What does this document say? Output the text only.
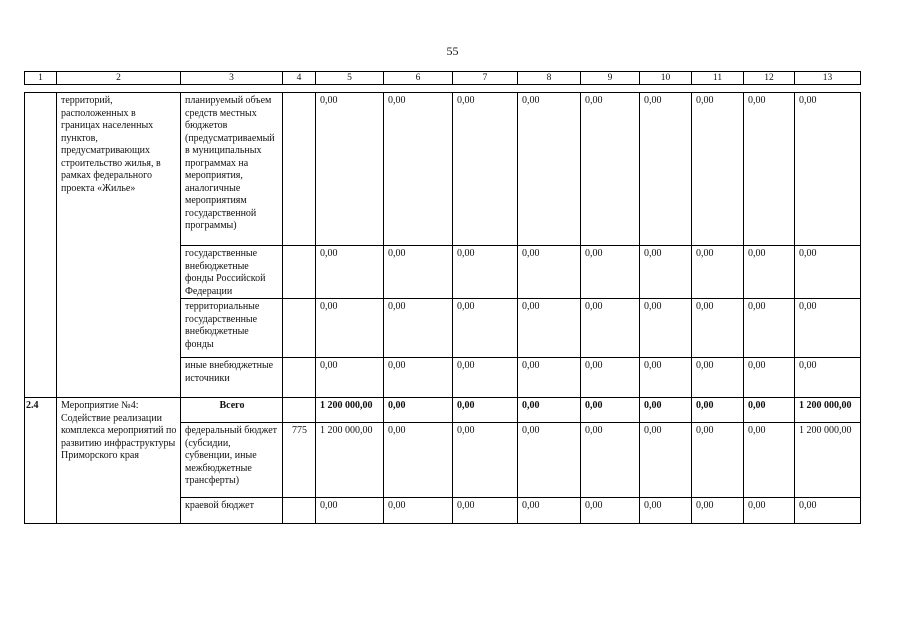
55
1	2	3	4	5	6	7	8	9	10	11	12	13
	территорий, расположенных в границах населенных пунктов, предусматривающих строительство жилья, в рамках федерального проекта «Жилье»	планируемый объем средств местных бюджетов (предусматриваемый в муниципальных программах на мероприятия, аналогичные мероприятиям государственной программы)		0,00	0,00	0,00	0,00	0,00	0,00	0,00	0,00	0,00
		государственные внебюджетные фонды Российской Федерации		0,00	0,00	0,00	0,00	0,00	0,00	0,00	0,00	0,00
		территориальные государственные внебюджетные фонды		0,00	0,00	0,00	0,00	0,00	0,00	0,00	0,00	0,00
		иные внебюджетные источники		0,00	0,00	0,00	0,00	0,00	0,00	0,00	0,00	0,00
2.4	Мероприятие №4: Содействие реализации комплекса мероприятий по развитию инфраструктуры Приморского края	Всего		1 200 000,00	0,00	0,00	0,00	0,00	0,00	0,00	0,00	1 200 000,00
		федеральный бюджет (субсидии, субвенции, иные межбюджетные трансферты)	775	1 200 000,00	0,00	0,00	0,00	0,00	0,00	0,00	0,00	1 200 000,00
		краевой бюджет		0,00	0,00	0,00	0,00	0,00	0,00	0,00	0,00	0,00
